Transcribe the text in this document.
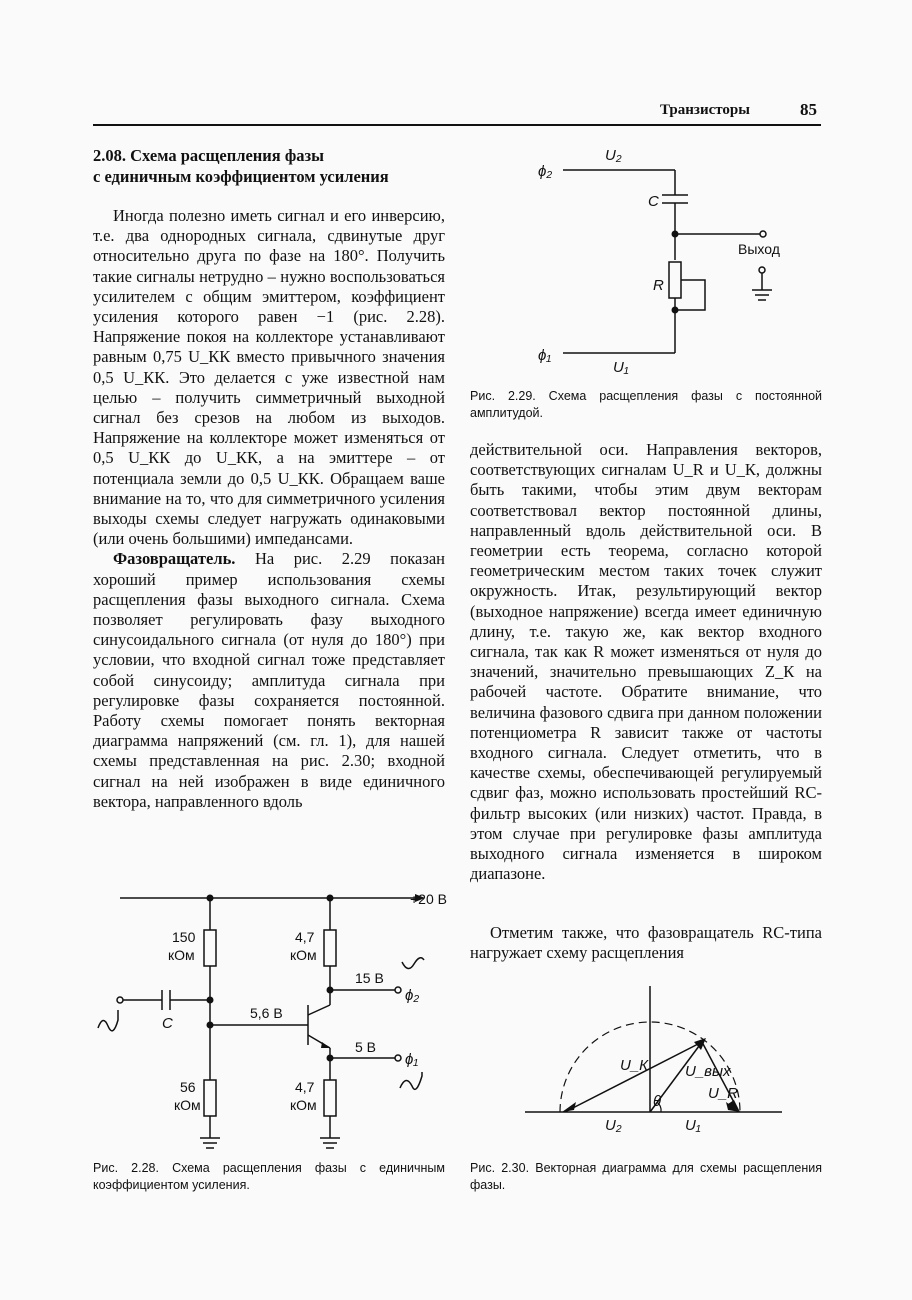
Транзисторы	85
2.08. Схема расщепления фазы
с единичным коэффициентом усиления

Иногда полезно иметь сигнал и его инверсию, т.е. два однородных сигнала, сдвинутые друг относительно друга по фазе на 180°. Получить такие сигналы нетрудно – нужно воспользоваться усилителем с общим эмиттером, коэффициент усиления которого равен −1 (рис. 2.28). Напряжение покоя на коллекторе устанавливают равным 0,75 U_КК вместо привычного значения 0,5 U_КК. Это делается с уже известной нам целью – получить симметричный выходной сигнал без срезов на любом из выходов. Напряжение на коллекторе может изменяться от 0,5 U_КК до U_КК, а на эмиттере – от потенциала земли до 0,5 U_КК. Обращаем ваше внимание на то, что для симметричного усиления выходы схемы следует нагружать одинаковыми (или очень большими) импедансами.

Фазовращатель. На рис. 2.29 показан хороший пример использования схемы расщепления фазы выходного сигнала. Схема позволяет регулировать фазу выходного синусоидального сигнала (от нуля до 180°) при условии, что входной сигнал тоже представляет собой синусоиду; амплитуда сигнала при регулировке фазы сохраняется постоянной. Работу схемы помогает понять векторная диаграмма напряжений (см. гл. 1), для нашей схемы представленная на рис. 2.30; входной сигнал на ней изображен в виде единичного вектора, направленного вдоль

действительной оси. Направления векторов, соответствующих сигналам U_R и U_К, должны быть такими, чтобы этим двум векторам соответствовал вектор постоянной длины, направленный вдоль действительной оси. В геометрии есть теорема, согласно которой геометрическим местом таких точек служит окружность. Итак, результирующий вектор (выходное напряжение) всегда имеет единичную длину, т.е. такую же, как вектор входного сигнала, так как R может изменяться от нуля до значений, значительно превышающих Z_К на рабочей частоте. Обратите внимание, что величина фазового сдвига при данном положении потенциометра R зависит также от частоты входного сигнала. Следует отметить, что в качестве схемы, обеспечивающей регулируемый сдвиг фаз, можно использовать простейший RC-фильтр высоких (или низких) частот. Правда, в этом случае при регулировке фазы амплитуда выходного сигнала изменяется в широком диапазоне.

Отметим также, что фазовращатель RC-типа нагружает схему расщепления

Рис. 2.29. Схема расщепления фазы с постоянной амплитудой.
Рис. 2.28. Схема расщепления фазы с единичным коэффициентом усиления.
Рис. 2.30. Векторная диаграмма для схемы расщепления фазы.
ϕ₂
U₂
C
Выход
R
ϕ₁
U₁
+20 В
150
кОм
4,7
кОм
15 В
ϕ₂
5,6 В
C
5 В
ϕ₁
56
кОм
4,7
кОм
U_К U_вых
U_R
θ
U₂	U₁
